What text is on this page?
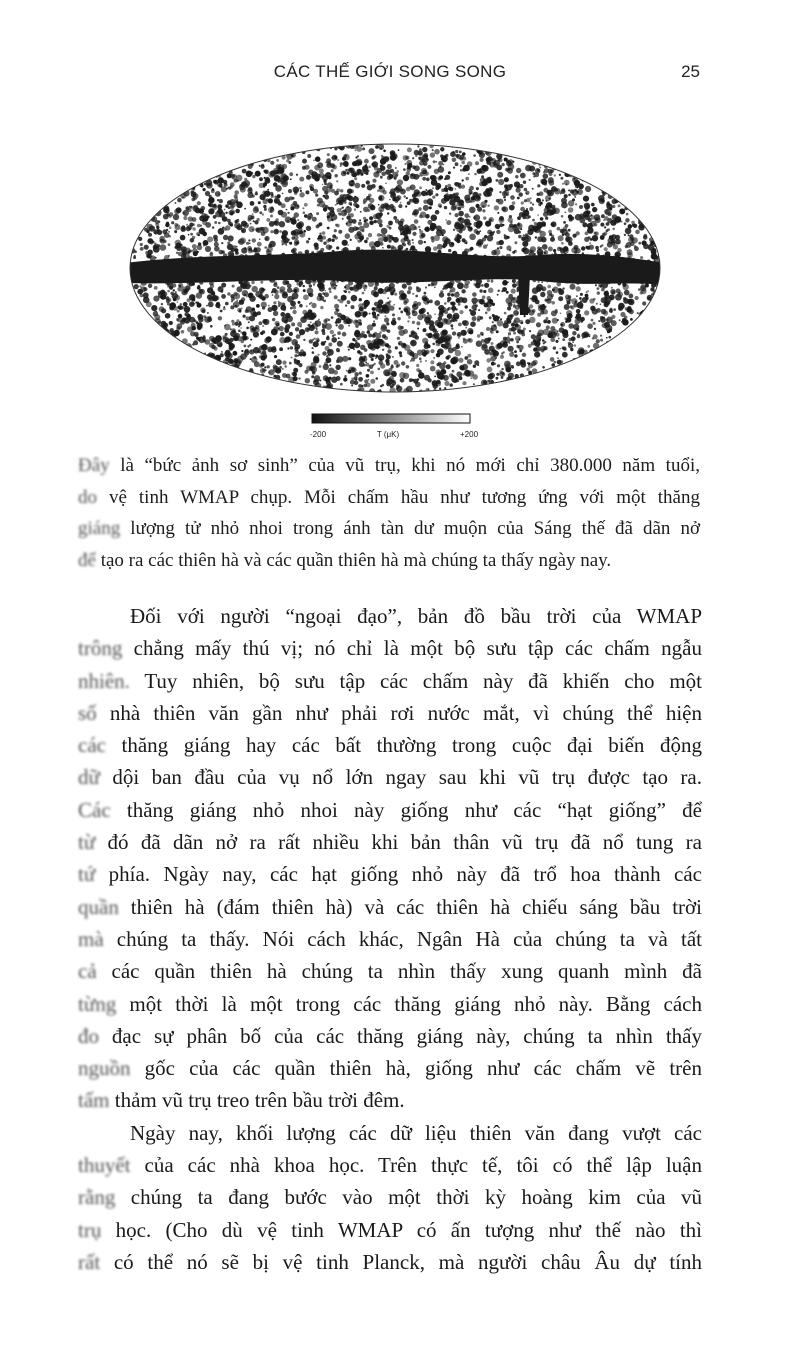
CÁC THẾ GIỚI SONG SONG	25
-200	T (μK)	+200
Đây là “bức ảnh sơ sinh” của vũ trụ, khi nó mới chỉ 380.000 năm tuổi,
do vệ tinh WMAP chụp. Mỗi chấm hầu như tương ứng với một thăng
giáng lượng tử nhỏ nhoi trong ánh tàn dư muộn của Sáng thế đã dãn nở
để tạo ra các thiên hà và các quần thiên hà mà chúng ta thấy ngày nay.
Đối với người “ngoại đạo”, bản đồ bầu trời của WMAP
trông chẳng mấy thú vị; nó chỉ là một bộ sưu tập các chấm ngẫu
nhiên. Tuy nhiên, bộ sưu tập các chấm này đã khiến cho một
số nhà thiên văn gần như phải rơi nước mắt, vì chúng thể hiện
các thăng giáng hay các bất thường trong cuộc đại biến động
dữ dội ban đầu của vụ nổ lớn ngay sau khi vũ trụ được tạo ra.
Các thăng giáng nhỏ nhoi này giống như các “hạt giống” để
từ đó đã dãn nở ra rất nhiều khi bản thân vũ trụ đã nổ tung ra
tứ phía. Ngày nay, các hạt giống nhỏ này đã trổ hoa thành các
quần thiên hà (đám thiên hà) và các thiên hà chiếu sáng bầu trời
mà chúng ta thấy. Nói cách khác, Ngân Hà của chúng ta và tất
cả các quần thiên hà chúng ta nhìn thấy xung quanh mình đã
từng một thời là một trong các thăng giáng nhỏ này. Bằng cách
đo đạc sự phân bố của các thăng giáng này, chúng ta nhìn thấy
nguồn gốc của các quần thiên hà, giống như các chấm vẽ trên
tấm thảm vũ trụ treo trên bầu trời đêm.
Ngày nay, khối lượng các dữ liệu thiên văn đang vượt các
thuyết của các nhà khoa học. Trên thực tế, tôi có thể lập luận
rằng chúng ta đang bước vào một thời kỳ hoàng kim của vũ
trụ học. (Cho dù vệ tinh WMAP có ấn tượng như thế nào thì
rất có thể nó sẽ bị vệ tinh Planck, mà người châu Âu dự tính
